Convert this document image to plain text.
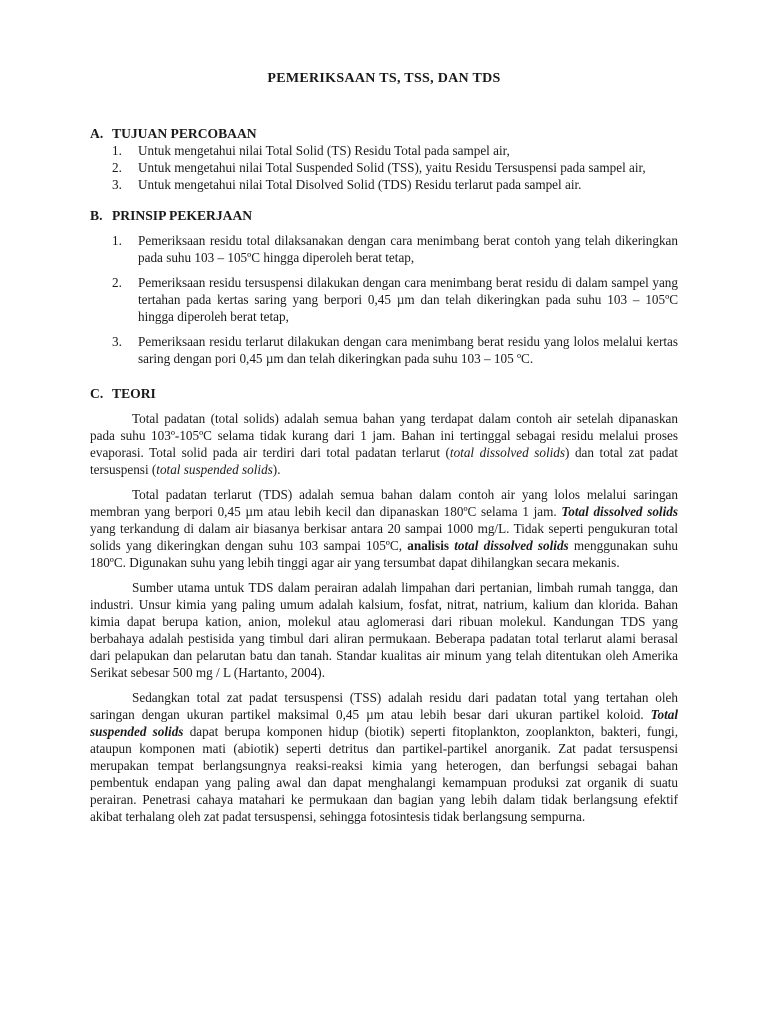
PEMERIKSAAN TS, TSS, DAN TDS
A. TUJUAN PERCOBAAN
1.	Untuk mengetahui nilai Total Solid (TS) Residu Total pada sampel air,
2.	Untuk mengetahui nilai Total Suspended Solid (TSS), yaitu Residu Tersuspensi pada sampel air,
3.	Untuk mengetahui nilai Total Disolved Solid (TDS) Residu terlarut pada sampel air.
B. PRINSIP PEKERJAAN
1.	Pemeriksaan residu total dilaksanakan dengan cara menimbang berat contoh yang telah dikeringkan pada suhu 103 – 105ºC hingga diperoleh berat tetap,
2.	Pemeriksaan residu tersuspensi dilakukan dengan cara menimbang berat residu di dalam sampel yang tertahan pada kertas saring yang berpori 0,45 µm dan telah dikeringkan pada suhu 103 – 105ºC hingga diperoleh berat tetap,
3.	Pemeriksaan residu terlarut dilakukan dengan cara menimbang berat residu yang lolos melalui kertas saring dengan pori 0,45 µm dan telah dikeringkan pada suhu 103 – 105 ºC.
C. TEORI

Total padatan (total solids) adalah semua bahan yang terdapat dalam contoh air setelah dipanaskan pada suhu 103º-105ºC selama tidak kurang dari 1 jam. Bahan ini tertinggal sebagai residu melalui proses evaporasi. Total solid pada air terdiri dari total padatan terlarut (total dissolved solids) dan total zat padat tersuspensi (total suspended solids).

Total padatan terlarut (TDS) adalah semua bahan dalam contoh air yang lolos melalui saringan membran yang berpori 0,45 µm atau lebih kecil dan dipanaskan 180ºC selama 1 jam. Total dissolved solids yang terkandung di dalam air biasanya berkisar antara 20 sampai 1000 mg/L. Tidak seperti pengukuran total solids yang dikeringkan dengan suhu 103 sampai 105ºC, analisis total dissolved solids menggunakan suhu 180ºC. Digunakan suhu yang lebih tinggi agar air yang tersumbat dapat dihilangkan secara mekanis.

Sumber utama untuk TDS dalam perairan adalah limpahan dari pertanian, limbah rumah tangga, dan industri. Unsur kimia yang paling umum adalah kalsium, fosfat, nitrat, natrium, kalium dan klorida. Bahan kimia dapat berupa kation, anion, molekul atau aglomerasi dari ribuan molekul. Kandungan TDS yang berbahaya adalah pestisida yang timbul dari aliran permukaan. Beberapa padatan total terlarut alami berasal dari pelapukan dan pelarutan batu dan tanah. Standar kualitas air minum yang telah ditentukan oleh Amerika Serikat sebesar 500 mg / L (Hartanto, 2004).

Sedangkan total zat padat tersuspensi (TSS) adalah residu dari padatan total yang tertahan oleh saringan dengan ukuran partikel maksimal 0,45 µm atau lebih besar dari ukuran partikel koloid. Total suspended solids dapat berupa komponen hidup (biotik) seperti fitoplankton, zooplankton, bakteri, fungi, ataupun komponen mati (abiotik) seperti detritus dan partikel-partikel anorganik. Zat padat tersuspensi merupakan tempat berlangsungnya reaksi-reaksi kimia yang heterogen, dan berfungsi sebagai bahan pembentuk endapan yang paling awal dan dapat menghalangi kemampuan produksi zat organik di suatu perairan. Penetrasi cahaya matahari ke permukaan dan bagian yang lebih dalam tidak berlangsung efektif akibat terhalang oleh zat padat tersuspensi, sehingga fotosintesis tidak berlangsung sempurna.
